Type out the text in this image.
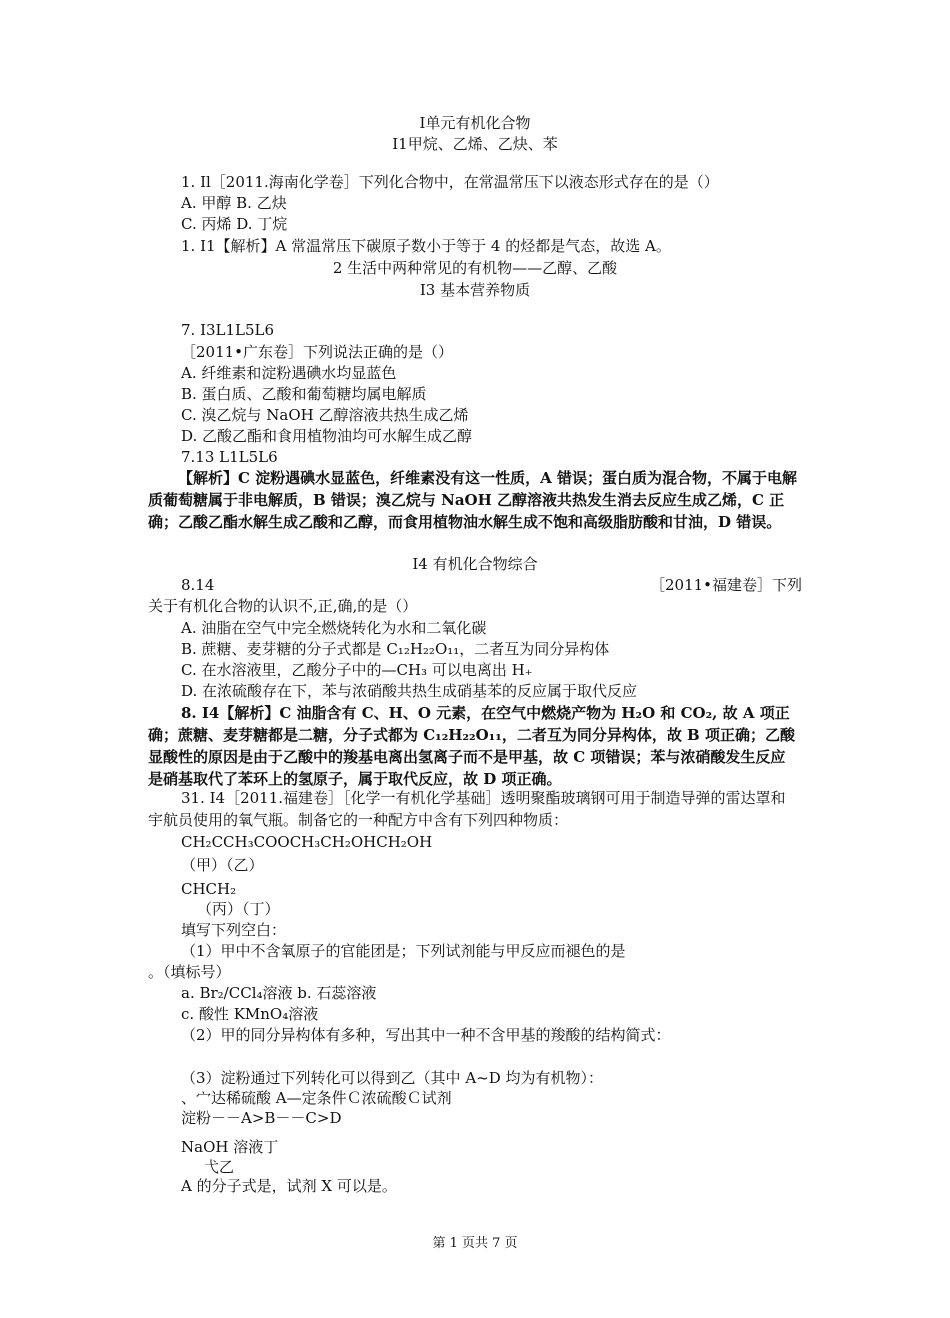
I单元有机化合物
I1甲烷、乙烯、乙炔、苯
1. Il［2011.海南化学卷］下列化合物中，在常温常压下以液态形式存在的是（）
A. 甲醇 B. 乙炔
C. 丙烯 D. 丁烷
1. I1【解析】A 常温常压下碳原子数小于等于 4 的烃都是气态，故选 A。
2 生活中两种常见的有机物——乙醇、乙酸
I3 基本营养物质
7. I3L1L5L6
［2011•广东卷］下列说法正确的是（）
A. 纤维素和淀粉遇碘水均显蓝色
B. 蛋白质、乙酸和葡萄糖均属电解质
C. 溴乙烷与 NaOH 乙醇溶液共热生成乙烯
D. 乙酸乙酯和食用植物油均可水解生成乙醇
7.13 L1L5L6
【解析】C 淀粉遇碘水显蓝色，纤维素没有这一性质，A 错误；蛋白质为混合物，不属于电解质葡萄糖属于非电解质，B 错误；溴乙烷与 NaOH 乙醇溶液共热发生消去反应生成乙烯，C 正确；乙酸乙酯水解生成乙酸和乙醇，而食用植物油水解生成不饱和高级脂肪酸和甘油，D 错误。
I4 有机化合物综合
8.14	［2011•福建卷］下列
关于有机化合物的认识不,正,确,的是（）
A. 油脂在空气中完全燃烧转化为水和二氧化碳
B. 蔗糖、麦芽糖的分子式都是 C₁₂H₂₂O₁₁，二者互为同分异构体
C. 在水溶液里，乙酸分子中的—CH₃ 可以电离出 H₊
D. 在浓硫酸存在下，苯与浓硝酸共热生成硝基苯的反应属于取代反应
8. I4【解析】C 油脂含有 C、H、O 元素，在空气中燃烧产物为 H₂O 和 CO₂, 故 A 项正确；蔗糖、麦芽糖都是二糖，分子式都为 C₁₂H₂₂O₁₁，二者互为同分异构体，故 B 项正确；乙酸显酸性的原因是由于乙酸中的羧基电离出氢离子而不是甲基，故 C 项错误；苯与浓硝酸发生反应是硝基取代了苯环上的氢原子，属于取代反应，故 D 项正确。
31. I4［2011.福建卷］［化学一有机化学基础］透明聚酯玻璃钢可用于制造导弹的雷达罩和宇航员使用的氧气瓶。制备它的一种配方中含有下列四种物质：
CH₂CCH₃COOCH₃CH₂OHCH₂OH
（甲）（乙）
CHCH₂
（丙）（丁）
填写下列空白：
（1）甲中不含氧原子的官能团是；下列试剂能与甲反应而褪色的是
。（填标号）
a. Br₂/CCl₄溶液 b. 石蕊溶液
c. 酸性 KMnO₄溶液
（2）甲的同分异构体有多种，写出其中一种不含甲基的羧酸的结构简式：
（3）淀粉通过下列转化可以得到乙（其中 A~D 均为有机物）：
、宀达稀硫酸 A—定条件Ｃ浓硫酸Ｃ试剂
淀粉－－A>B－－C>D
NaOH 溶液丁
弋乙
A 的分子式是，试剂 X 可以是。
第 1 页共 7 页
